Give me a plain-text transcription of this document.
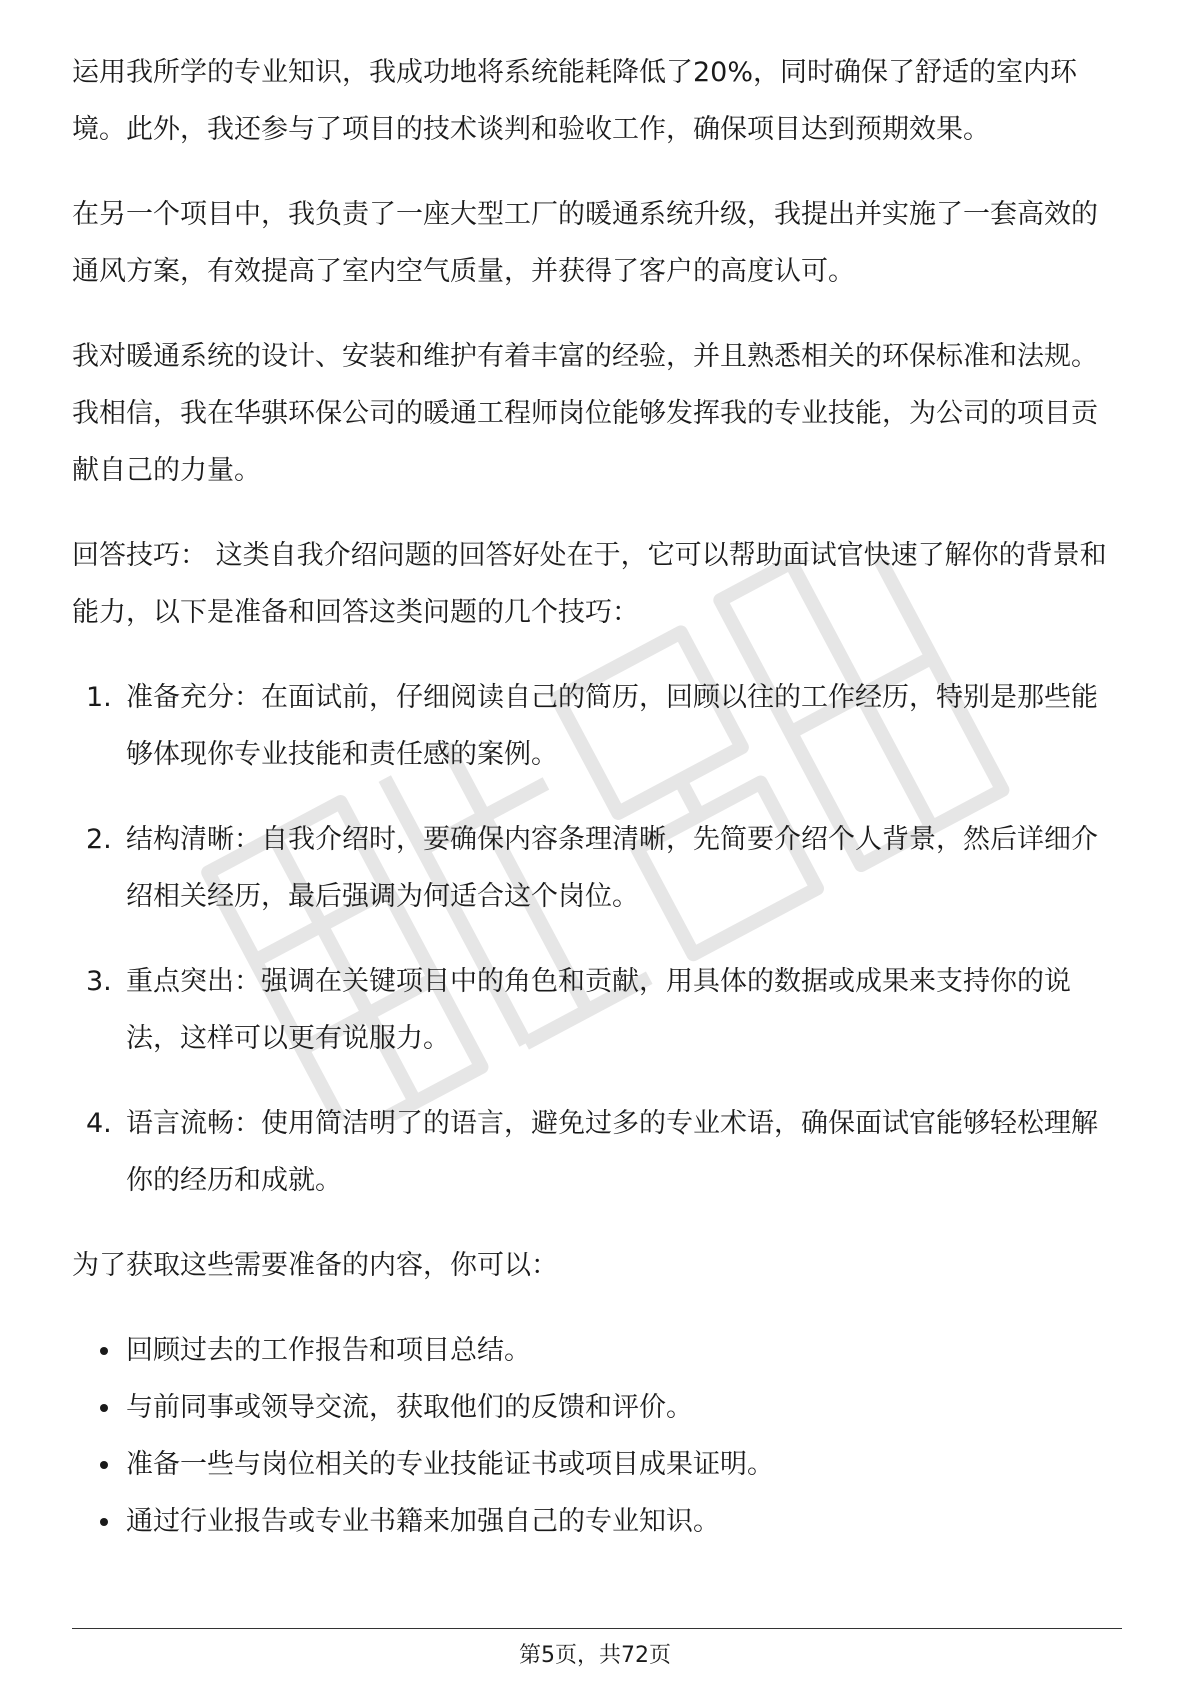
运用我所学的专业知识，我成功地将系统能耗降低了20%，同时确保了舒适的室内环境。此外，我还参与了项目的技术谈判和验收工作，确保项目达到预期效果。

在另一个项目中，我负责了一座大型工厂的暖通系统升级，我提出并实施了一套高效的通风方案，有效提高了室内空气质量，并获得了客户的高度认可。

我对暖通系统的设计、安装和维护有着丰富的经验，并且熟悉相关的环保标准和法规。我相信，我在华骐环保公司的暖通工程师岗位能够发挥我的专业技能，为公司的项目贡献自己的力量。

回答技巧： 这类自我介绍问题的回答好处在于，它可以帮助面试官快速了解你的背景和能力，以下是准备和回答这类问题的几个技巧：

1. 准备充分：在面试前，仔细阅读自己的简历，回顾以往的工作经历，特别是那些能够体现你专业技能和责任感的案例。
2. 结构清晰：自我介绍时，要确保内容条理清晰，先简要介绍个人背景，然后详细介绍相关经历，最后强调为何适合这个岗位。
3. 重点突出：强调在关键项目中的角色和贡献，用具体的数据或成果来支持你的说法，这样可以更有说服力。
4. 语言流畅：使用简洁明了的语言，避免过多的专业术语，确保面试官能够轻松理解你的经历和成就。

为了获取这些需要准备的内容，你可以：

回顾过去的工作报告和项目总结。
与前同事或领导交流，获取他们的反馈和评价。
准备一些与岗位相关的专业技能证书或项目成果证明。
通过行业报告或专业书籍来加强自己的专业知识。
第5页，共72页
